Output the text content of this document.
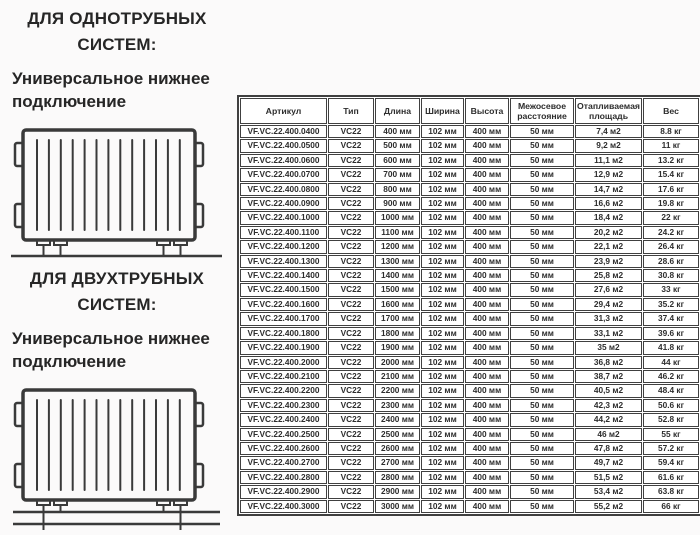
ДЛЯ ОДНОТРУБНЫХ СИСТЕМ:

Универсальное нижнее подключение

ДЛЯ ДВУХТРУБНЫХ СИСТЕМ:

Универсальное нижнее подключение

Артикул	Тип	Длина	Ширина	Высота	Межосевое расстояние	Отапливаемая площадь	Вес
VF.VC.22.400.0400	VC22	400 мм	102 мм	400 мм	50 мм	7,4 м2	8.8 кг
VF.VC.22.400.0500	VC22	500 мм	102 мм	400 мм	50 мм	9,2 м2	11 кг
VF.VC.22.400.0600	VC22	600 мм	102 мм	400 мм	50 мм	11,1 м2	13.2 кг
VF.VC.22.400.0700	VC22	700 мм	102 мм	400 мм	50 мм	12,9 м2	15.4 кг
VF.VC.22.400.0800	VC22	800 мм	102 мм	400 мм	50 мм	14,7 м2	17.6 кг
VF.VC.22.400.0900	VC22	900 мм	102 мм	400 мм	50 мм	16,6 м2	19.8 кг
VF.VC.22.400.1000	VC22	1000 мм	102 мм	400 мм	50 мм	18,4 м2	22 кг
VF.VC.22.400.1100	VC22	1100 мм	102 мм	400 мм	50 мм	20,2 м2	24.2 кг
VF.VC.22.400.1200	VC22	1200 мм	102 мм	400 мм	50 мм	22,1 м2	26.4 кг
VF.VC.22.400.1300	VC22	1300 мм	102 мм	400 мм	50 мм	23,9 м2	28.6 кг
VF.VC.22.400.1400	VC22	1400 мм	102 мм	400 мм	50 мм	25,8 м2	30.8 кг
VF.VC.22.400.1500	VC22	1500 мм	102 мм	400 мм	50 мм	27,6 м2	33 кг
VF.VC.22.400.1600	VC22	1600 мм	102 мм	400 мм	50 мм	29,4 м2	35.2 кг
VF.VC.22.400.1700	VC22	1700 мм	102 мм	400 мм	50 мм	31,3 м2	37.4 кг
VF.VC.22.400.1800	VC22	1800 мм	102 мм	400 мм	50 мм	33,1 м2	39.6 кг
VF.VC.22.400.1900	VC22	1900 мм	102 мм	400 мм	50 мм	35 м2	41.8 кг
VF.VC.22.400.2000	VC22	2000 мм	102 мм	400 мм	50 мм	36,8 м2	44 кг
VF.VC.22.400.2100	VC22	2100 мм	102 мм	400 мм	50 мм	38,7 м2	46.2 кг
VF.VC.22.400.2200	VC22	2200 мм	102 мм	400 мм	50 мм	40,5 м2	48.4 кг
VF.VC.22.400.2300	VC22	2300 мм	102 мм	400 мм	50 мм	42,3 м2	50.6 кг
VF.VC.22.400.2400	VC22	2400 мм	102 мм	400 мм	50 мм	44,2 м2	52.8 кг
VF.VC.22.400.2500	VC22	2500 мм	102 мм	400 мм	50 мм	46 м2	55 кг
VF.VC.22.400.2600	VC22	2600 мм	102 мм	400 мм	50 мм	47,8 м2	57.2 кг
VF.VC.22.400.2700	VC22	2700 мм	102 мм	400 мм	50 мм	49,7 м2	59.4 кг
VF.VC.22.400.2800	VC22	2800 мм	102 мм	400 мм	50 мм	51,5 м2	61.6 кг
VF.VC.22.400.2900	VC22	2900 мм	102 мм	400 мм	50 мм	53,4 м2	63.8 кг
VF.VC.22.400.3000	VC22	3000 мм	102 мм	400 мм	50 мм	55,2 м2	66 кг
